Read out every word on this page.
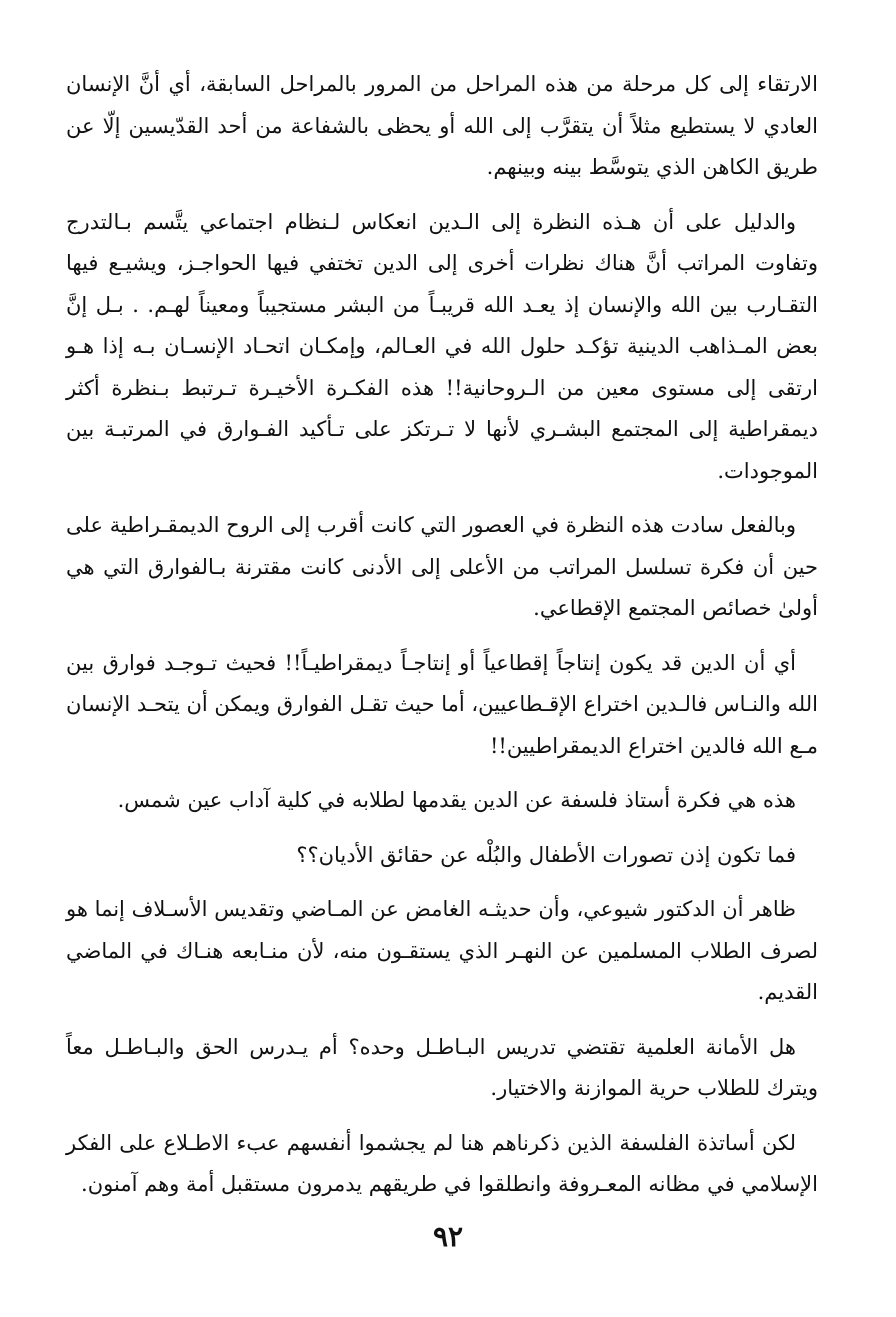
الارتقاء إلى كل مرحلة من هذه المراحل من المرور بالمراحل السابقة، أي أنَّ الإنسان العادي لا يستطيع مثلاً أن يتقرَّب إلى الله أو يحظى بالشفاعة من أحد القدّيسين إلّا عن طريق الكاهن الذي يتوسَّط بينه وبينهم.

والدليل على أن هـذه النظرة إلى الـدين انعكاس لـنظام اجتماعي يتَّسم بـالتدرج وتفاوت المراتب أنَّ هناك نظرات أخرى إلى الدين تختفي فيها الحواجـز، ويشيـع فيها التقـارب بين الله والإنسان إذ يعـد الله قريبـاً من البشر مستجيباً ومعيناً لهـم. . بـل إنَّ بعض المـذاهب الدينية تؤكـد حلول الله في العـالم، وإمكـان اتحـاد الإنسـان بـه إذا هـو ارتقى إلى مستوى معين من الـروحانية!! هذه الفكـرة الأخيـرة تـرتبط بـنظرة أكثر ديمقراطية إلى المجتمع البشـري لأنها لا تـرتكز على تـأكيد الفـوارق في المرتبـة بين الموجودات.

وبالفعل سادت هذه النظرة في العصور التي كانت أقرب إلى الروح الديمقـراطية على حين أن فكرة تسلسل المراتب من الأعلى إلى الأدنى كانت مقترنة بـالفوارق التي هي أولىٰ خصائص المجتمع الإقطاعي.

أي أن الدين قد يكون إنتاجاً إقطاعياً أو إنتاجـاً ديمقراطيـاً!! فحيث تـوجـد فوارق بين الله والنـاس فالـدين اختراع الإقـطاعيين، أما حيث تقـل الفوارق ويمكن أن يتحـد الإنسان مـع الله فالدين اختراع الديمقراطيين!!

هذه هي فكرة أستاذ فلسفة عن الدين يقدمها لطلابه في كلية آداب عين شمس.

فما تكون إذن تصورات الأطفال والبُلْه عن حقائق الأديان؟؟

ظاهر أن الدكتور شيوعي، وأن حديثـه الغامض عن المـاضي وتقديس الأسـلاف إنما هو لصرف الطلاب المسلمين عن النهـر الذي يستقـون منه، لأن منـابعه هنـاك في الماضي القديم.

هل الأمانة العلمية تقتضي تدريس البـاطـل وحده؟ أم يـدرس الحق والبـاطـل معاً ويترك للطلاب حرية الموازنة والاختيار.

لكن أساتذة الفلسفة الذين ذكرناهم هنا لم يجشموا أنفسهم عبء الاطـلاع على الفكر الإسلامي في مظانه المعـروفة وانطلقوا في طريقهم يدمرون مستقبل أمة وهم آمنون.

٩٢
